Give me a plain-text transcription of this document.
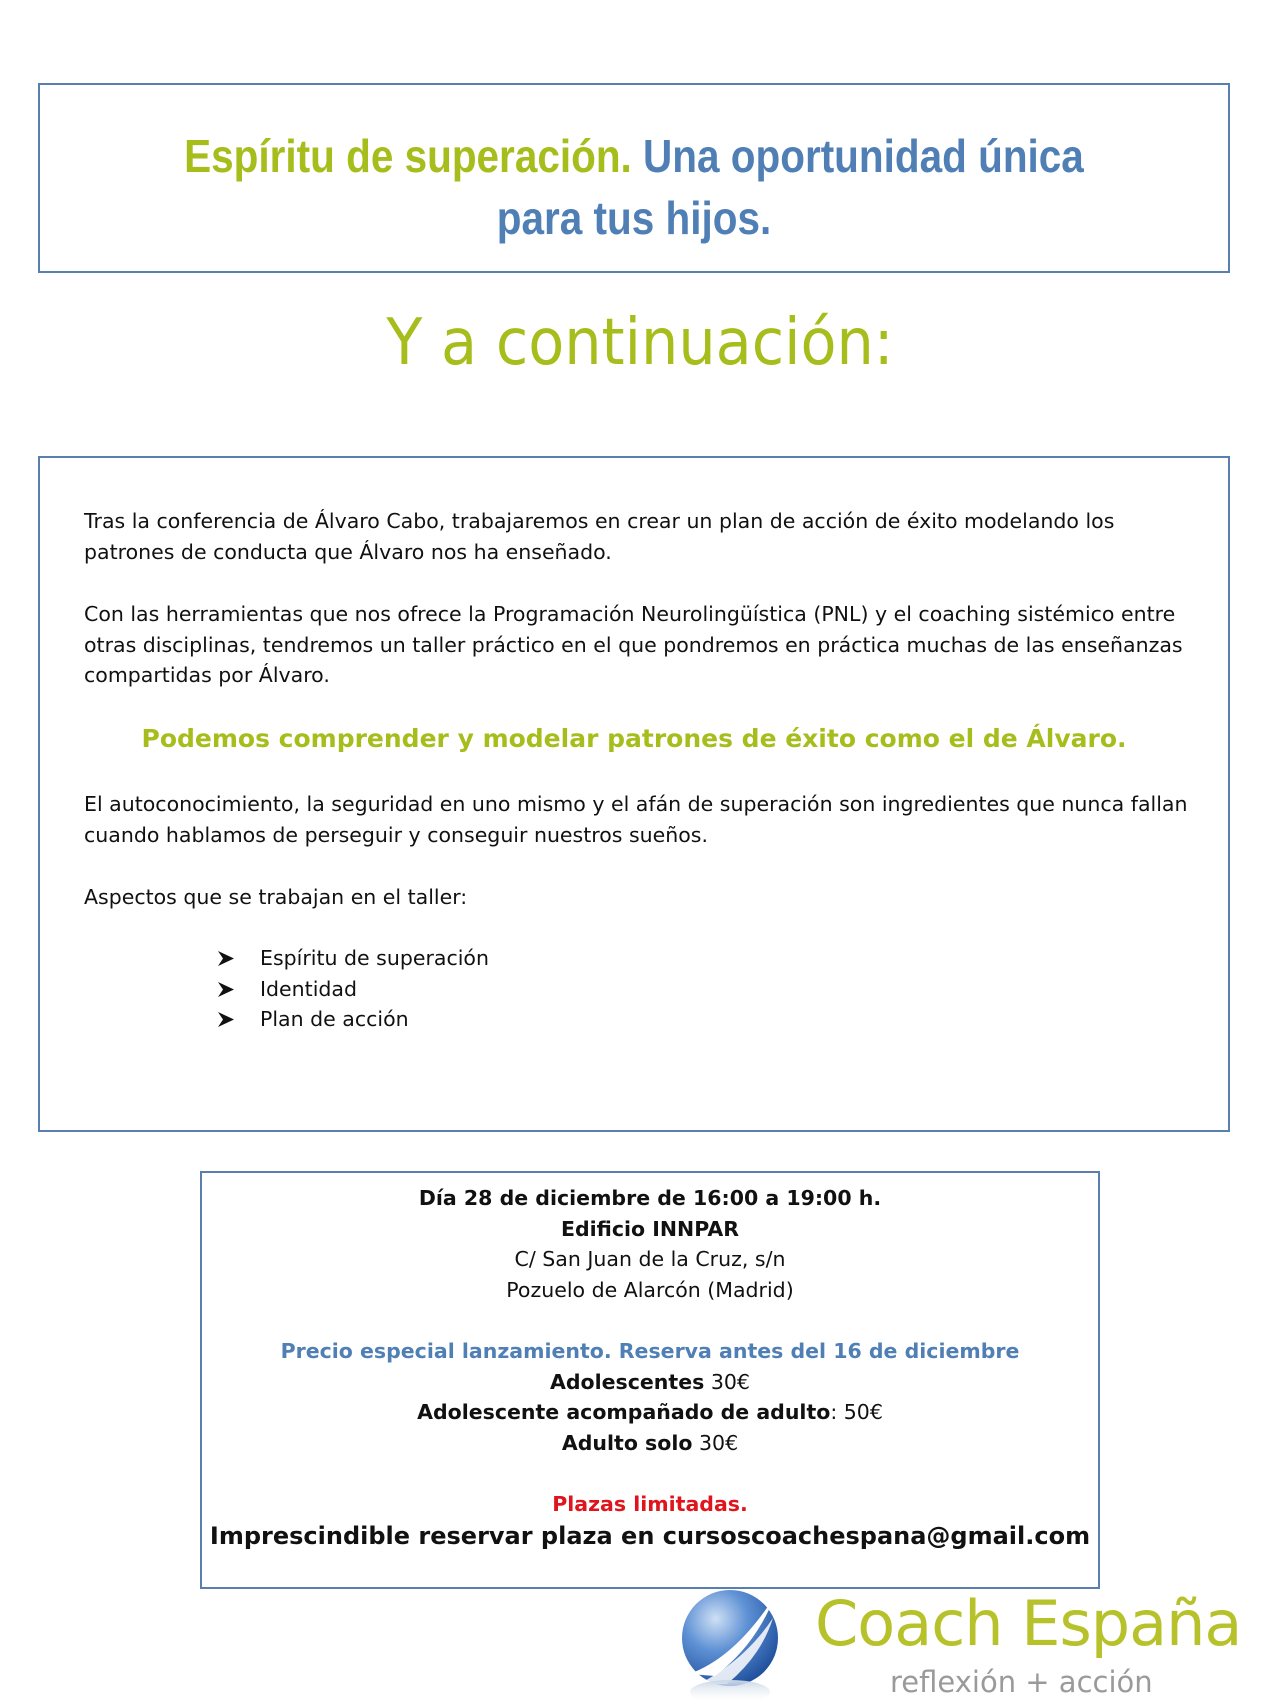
Espíritu de superación. Una oportunidad única para tus hijos.
Y a continuación:
Tras la conferencia de Álvaro Cabo, trabajaremos en crear un plan de acción de éxito modelando los patrones de conducta que Álvaro nos ha enseñado.
Con las herramientas que nos ofrece la Programación Neurolingüística (PNL) y el coaching sistémico entre otras disciplinas, tendremos un taller práctico en el que pondremos en práctica muchas de las enseñanzas compartidas por Álvaro.
Podemos comprender y modelar patrones de éxito como el de Álvaro.
El autoconocimiento, la seguridad en uno mismo y el afán de superación son ingredientes que nunca fallan cuando hablamos de perseguir y conseguir nuestros sueños.
Aspectos que se trabajan en el taller:
Espíritu de superación
Identidad
Plan de acción
Día 28 de diciembre de 16:00 a 19:00 h.
Edificio INNPAR
C/ San Juan de la Cruz, s/n
Pozuelo de Alarcón (Madrid)
Precio especial lanzamiento. Reserva antes del 16 de diciembre
Adolescentes 30€
Adolescente acompañado de adulto: 50€
Adulto solo 30€
Plazas limitadas.
Imprescindible reservar plaza en cursoscoachespana@gmail.com
Coach España
reflexión + acción
